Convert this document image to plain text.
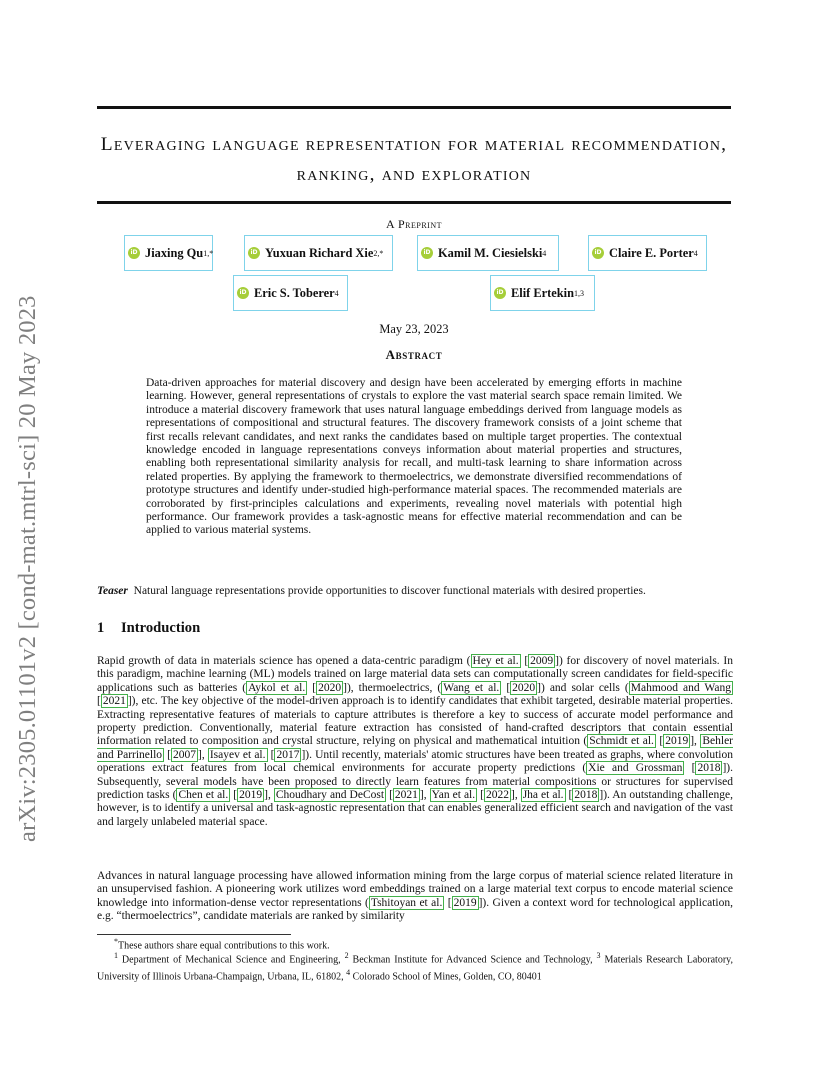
arXiv:2305.01101v2 [cond-mat.mtrl-sci] 20 May 2023
Leveraging language representation for material recommendation, ranking, and exploration
A Preprint
iD Jiaxing Qu 1,*	iD Yuxuan Richard Xie 2,*	iD Kamil M. Ciesielski 4	iD Claire E. Porter 4
iD Eric S. Toberer 4	iD Elif Ertekin 1,3
May 23, 2023
Abstract
Data-driven approaches for material discovery and design have been accelerated by emerging efforts in machine learning. However, general representations of crystals to explore the vast material search space remain limited. We introduce a material discovery framework that uses natural language embeddings derived from language models as representations of compositional and structural features. The discovery framework consists of a joint scheme that first recalls relevant candidates, and next ranks the candidates based on multiple target properties. The contextual knowledge encoded in language representations conveys information about material properties and structures, enabling both representational similarity analysis for recall, and multi-task learning to share information across related properties. By applying the framework to thermoelectrics, we demonstrate diversified recommendations of prototype structures and identify under-studied high-performance material spaces. The recommended materials are corroborated by first-principles calculations and experiments, revealing novel materials with potential high performance. Our framework provides a task-agnostic means for effective material recommendation and can be applied to various material systems.
Teaser Natural language representations provide opportunities to discover functional materials with desired properties.
1 Introduction
Rapid growth of data in materials science has opened a data-centric paradigm ( Hey et al. [ 2009 ]) for discovery of novel materials. In this paradigm, machine learning (ML) models trained on large material data sets can computationally screen candidates for field-specific applications such as batteries ( Aykol et al. [ 2020 ]), thermoelectrics, ( Wang et al. [ 2020 ]) and solar cells ( Mahmood and Wang [ 2021 ]), etc. The key objective of the model-driven approach is to identify candidates that exhibit targeted, desirable material properties. Extracting representative features of materials to capture attributes is therefore a key to success of accurate model performance and property prediction. Conventionally, material feature extraction has consisted of hand-crafted descriptors that contain essential information related to composition and crystal structure, relying on physical and mathematical intuition ( Schmidt et al. [ 2019 ], Behler and Parrinello [ 2007 ], Isayev et al. [ 2017 ]). Until recently, materials' atomic structures have been treated as graphs, where convolution operations extract features from local chemical environments for accurate property predictions ( Xie and Grossman [ 2018 ]). Subsequently, several models have been proposed to directly learn features from material compositions or structures for supervised prediction tasks ( Chen et al. [ 2019 ], Choudhary and DeCost [ 2021 ], Yan et al. [ 2022 ], Jha et al. [ 2018 ]). An outstanding challenge, however, is to identify a universal and task-agnostic representation that can enables generalized efficient search and navigation of the vast and largely unlabeled material space.
Advances in natural language processing have allowed information mining from the large corpus of material science related literature in an unsupervised fashion. A pioneering work utilizes word embeddings trained on a large material text corpus to encode material science knowledge into information-dense vector representations ( Tshitoyan et al. [ 2019 ]). Given a context word for technological application, e.g. “thermoelectrics”, candidate materials are ranked by similarity
*These authors share equal contributions to this work.
$^1$ Department of Mechanical Science and Engineering, $^2$ Beckman Institute for Advanced Science and Technology, $^3$ Materials Research Laboratory, University of Illinois Urbana-Champaign, Urbana, IL, 61802, $^4$ Colorado School of Mines, Golden, CO, 80401
